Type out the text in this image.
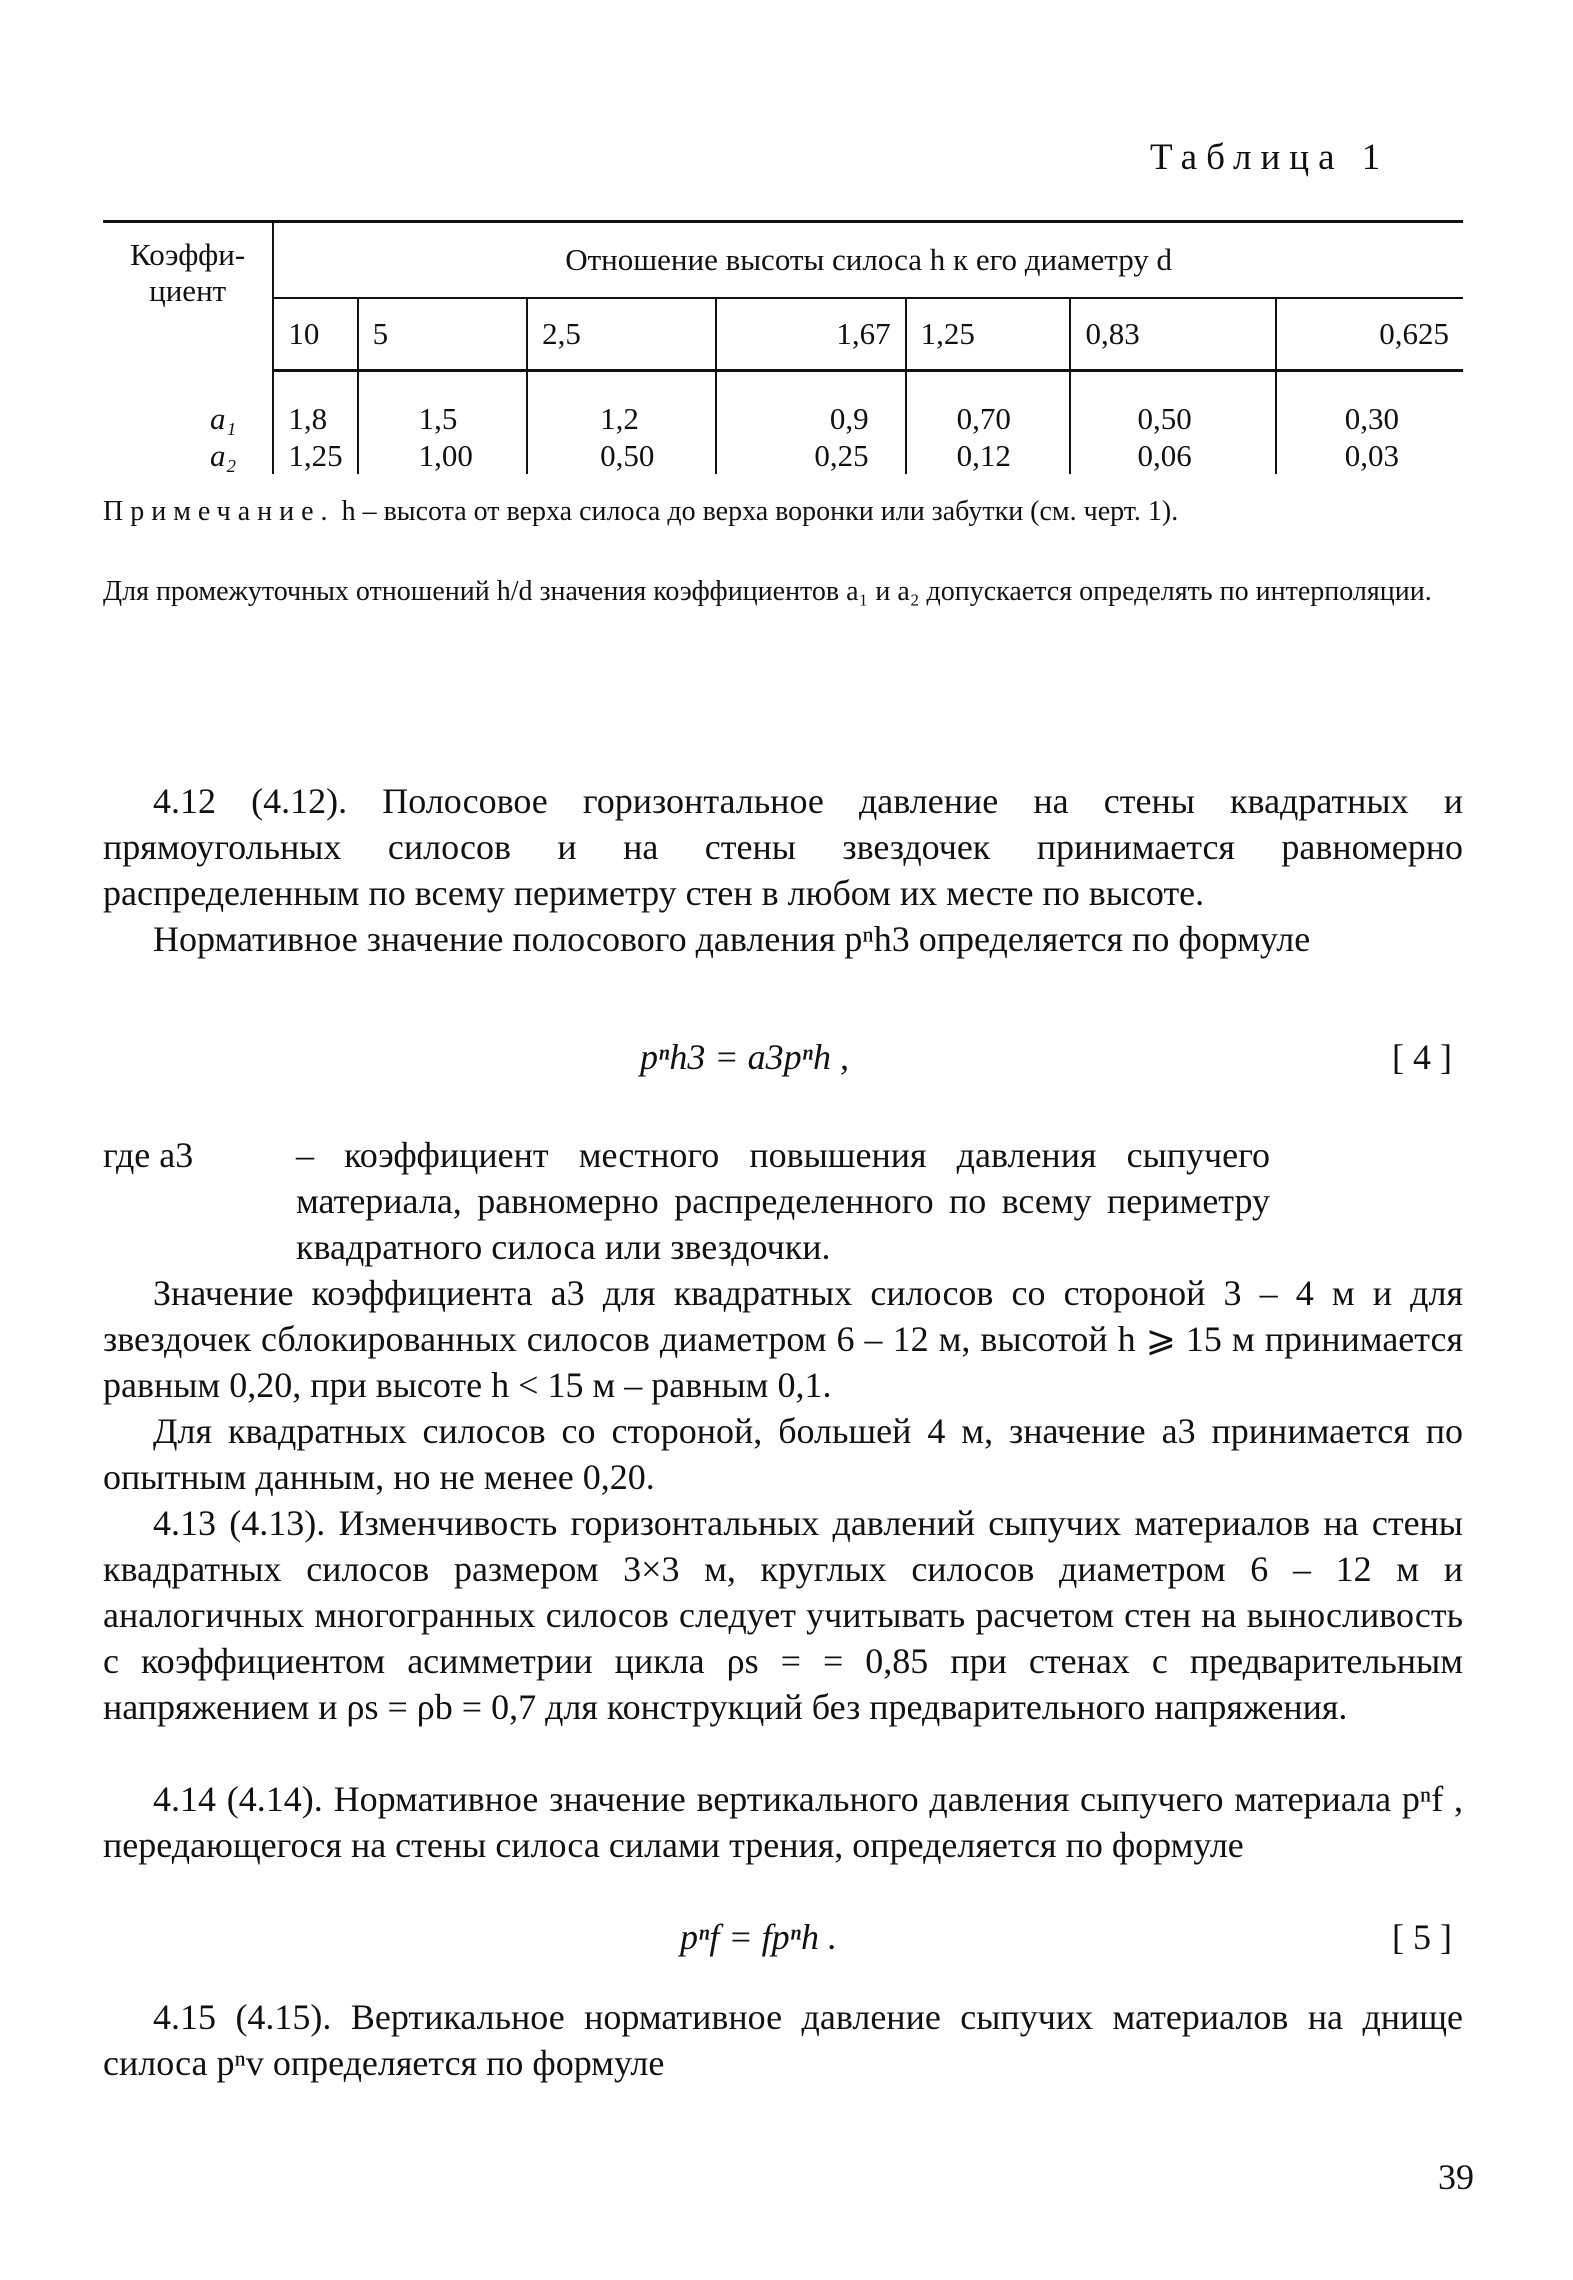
Таблица 1
Коэффи-
циент	Отношение высоты силоса h к его диаметру d						
	10	5	2,5	1,67	1,25	0,83	0,625

a₁	1,8	1,5	1,2	0,9	0,70	0,50	0,30
a₂	1,25	1,00	0,50	0,25	0,12	0,06	0,03
Примечание. h – высота от верха силоса до верха воронки или забутки (см. черт. 1).
Для промежуточных отношений h/d значения коэффициентов a₁ и a₂ допускается определять по интерполяции.
4.12 (4.12). Полосовое горизонтальное давление на стены квадратных и прямоугольных силосов и на стены звездочек принимается равномерно распределенным по всему периметру стен в любом их месте по высоте.
Нормативное значение полосового давления pⁿh3 определяется по формуле
pⁿh3 = a3pⁿh ,	[ 4 ]
где a3	– коэффициент местного повышения давления сыпучего материала, равномерно распределенного по всему периметру квадратного силоса или звездочки.
Значение коэффициента a3 для квадратных силосов со стороной 3 – 4 м и для звездочек сблокированных силосов диаметром 6 – 12 м, высотой h ⩾ 15 м принимается равным 0,20, при высоте h < 15 м – равным 0,1.
Для квадратных силосов со стороной, большей 4 м, значение a3 принимается по опытным данным, но не менее 0,20.
4.13 (4.13). Изменчивость горизонтальных давлений сыпучих материалов на стены квадратных силосов размером 3×3 м, круглых силосов диаметром 6 – 12 м и аналогичных многогранных силосов следует учитывать расчетом стен на выносливость с коэффициентом асимметрии цикла ρs = = 0,85 при стенах с предварительным напряжением и ρs = ρb = 0,7 для конструкций без предварительного напряжения.
4.14 (4.14). Нормативное значение вертикального давления сыпучего материала pⁿf , передающегося на стены силоса силами трения, определяется по формуле
pⁿf = fpⁿh .	[ 5 ]
4.15 (4.15). Вертикальное нормативное давление сыпучих материалов на днище силоса pⁿv определяется по формуле
39
